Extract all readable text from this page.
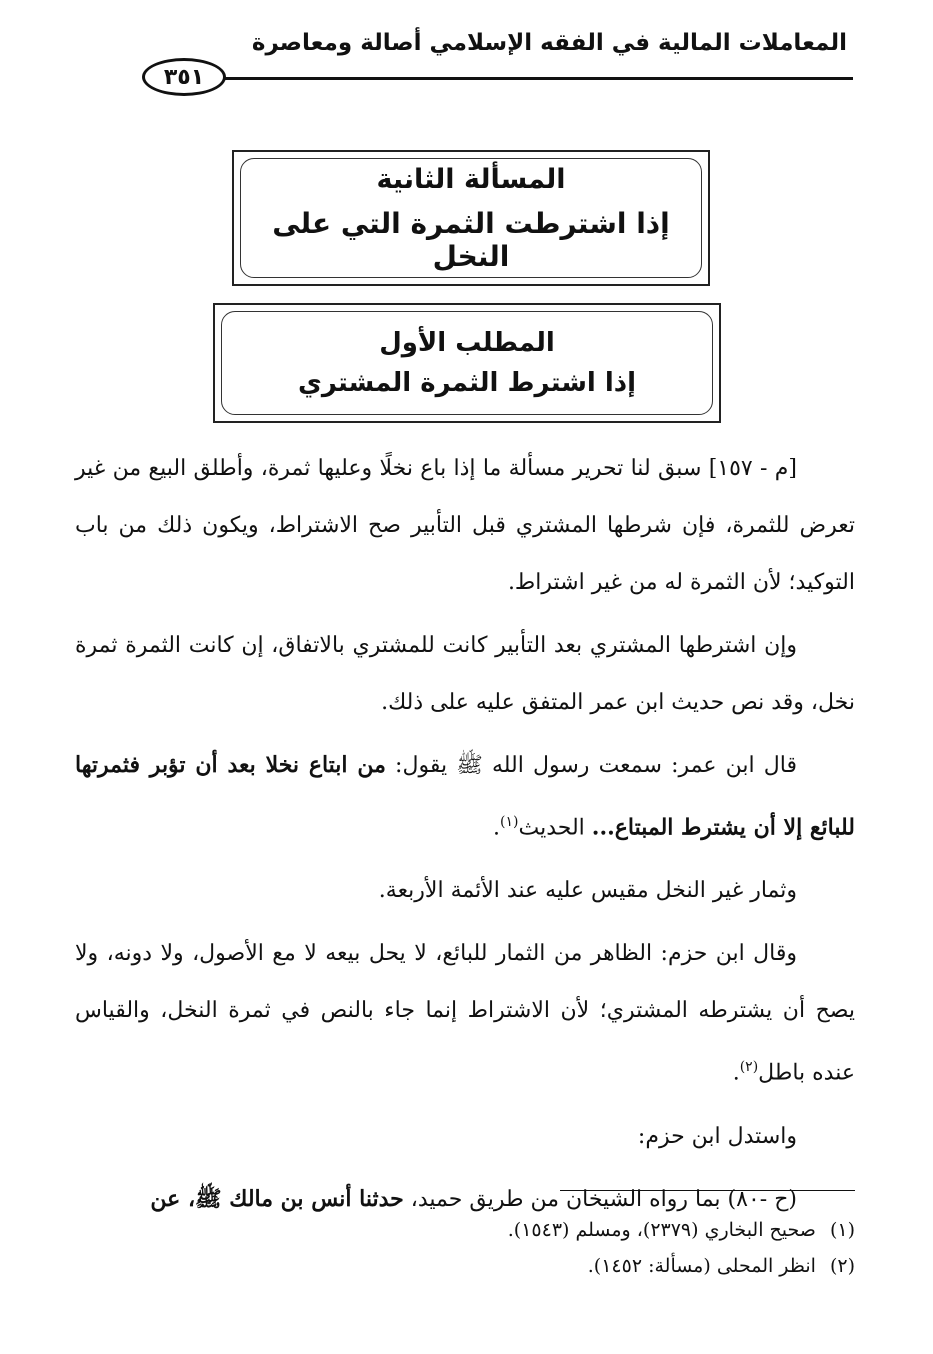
المعاملات المالية في الفقه الإسلامي أصالة ومعاصرة
٣٥١
المسألة الثانية
إذا اشترطت الثمرة التي على النخل
المطلب الأول
إذا اشترط الثمرة المشتري

[م - ١٥٧] سبق لنا تحرير مسألة ما إذا باع نخلًا وعليها ثمرة، وأطلق البيع من غير تعرض للثمرة، فإن شرطها المشتري قبل التأبير صح الاشتراط، ويكون ذلك من باب التوكيد؛ لأن الثمرة له من غير اشتراط.

وإن اشترطها المشتري بعد التأبير كانت للمشتري بالاتفاق، إن كانت الثمرة ثمرة نخل، وقد نص حديث ابن عمر المتفق عليه على ذلك.

قال ابن عمر: سمعت رسول الله ﷺ يقول: من ابتاع نخلا بعد أن تؤبر فثمرتها للبائع إلا أن يشترط المبتاع... الحديث$^{(١)}$.

وثمار غير النخل مقيس عليه عند الأئمة الأربعة.

وقال ابن حزم: الظاهر من الثمار للبائع، لا يحل بيعه لا مع الأصول، ولا دونه، ولا يصح أن يشترطه المشتري؛ لأن الاشتراط إنما جاء بالنص في ثمرة النخل، والقياس عنده باطل$^{(٢)}$.

واستدل ابن حزم:

(ح -٨٠) بما رواه الشيخان من طريق حميد، حدثنا أنس بن مالك ﷺ، عن

(١)صحيح البخاري (٢٣٧٩)، ومسلم (١٥٤٣).
(٢)انظر المحلى (مسألة: ١٤٥٢).
